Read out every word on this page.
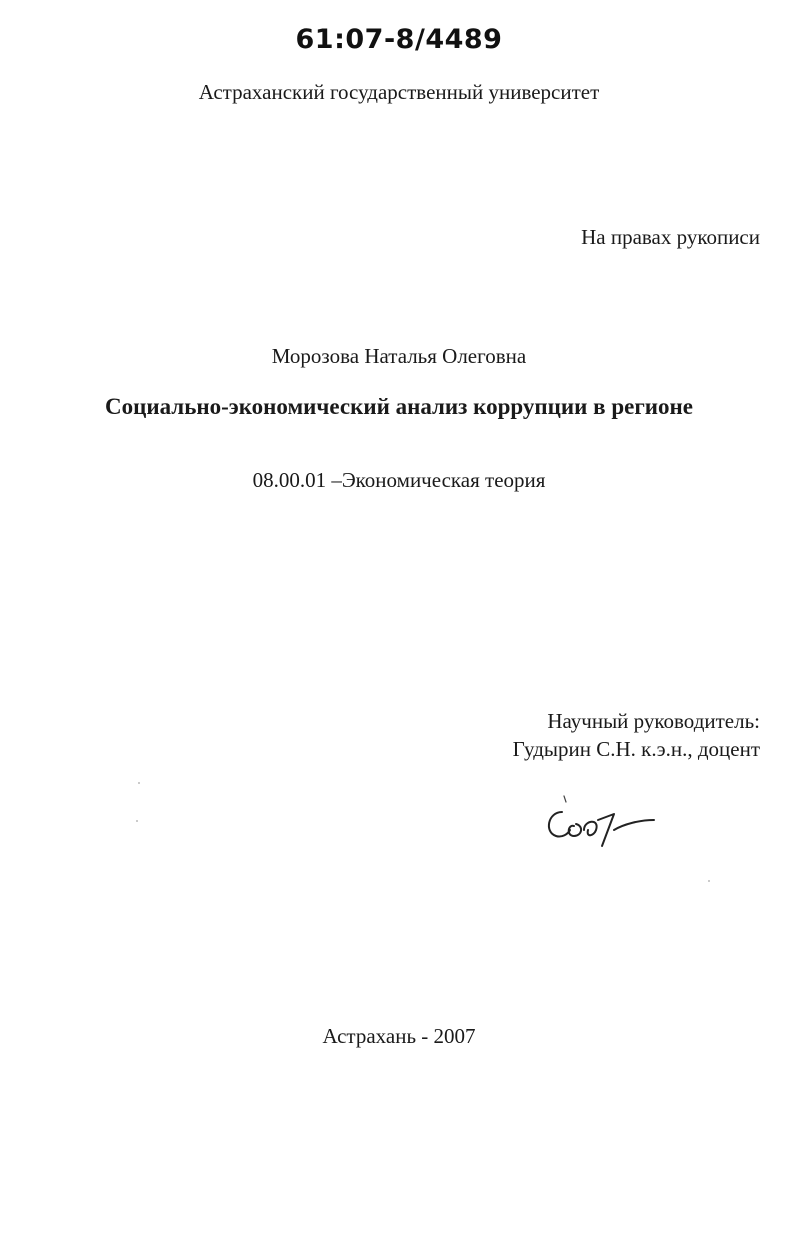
61:07-8/4489
Астраханский государственный университет
На правах рукописи
Морозова Наталья Олеговна
Социально-экономический анализ коррупции в регионе
08.00.01 –Экономическая теория
Научный руководитель:
Гудырин С.Н. к.э.н., доцент
Астрахань - 2007
